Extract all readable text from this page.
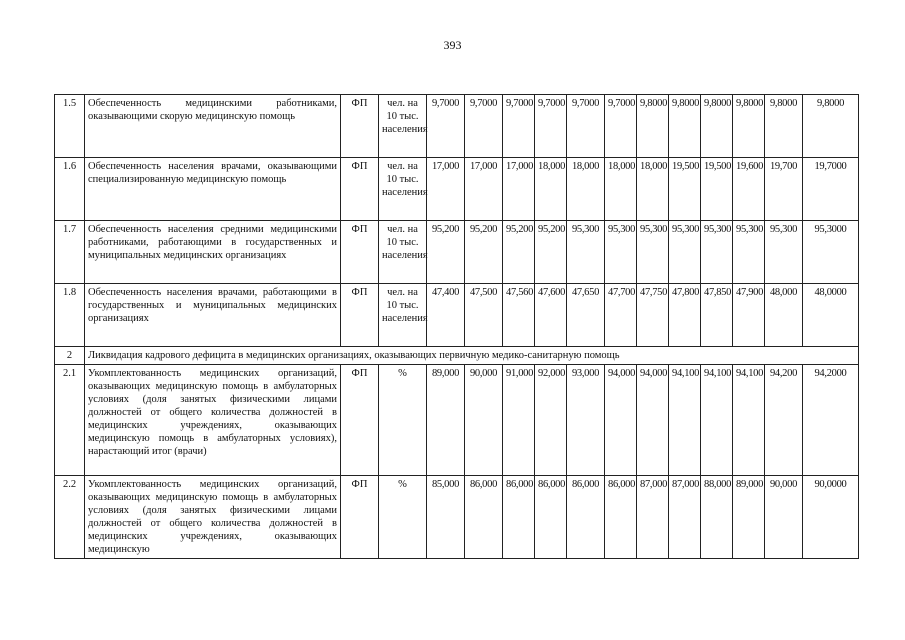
393
1.5	Обеспеченность медицинскими работниками, оказывающими скорую медицинскую помощь	ФП	чел. на 10 тыс. населения	9,7000	9,7000	9,7000	9,7000	9,7000	9,7000	9,8000	9,8000	9,8000	9,8000	9,8000	9,8000
1.6	Обеспеченность населения врачами, оказывающими специализированную медицинскую помощь	ФП	чел. на 10 тыс. населения	17,000	17,000	17,000	18,000	18,000	18,000	18,000	19,500	19,500	19,600	19,700	19,7000
1.7	Обеспеченность населения средними медицинскими работниками, работающими в государственных и муниципальных медицинских организациях	ФП	чел. на 10 тыс. населения	95,200	95,200	95,200	95,200	95,300	95,300	95,300	95,300	95,300	95,300	95,300	95,3000
1.8	Обеспеченность населения врачами, работающими в государственных и муниципальных медицинских организациях	ФП	чел. на 10 тыс. населения	47,400	47,500	47,560	47,600	47,650	47,700	47,750	47,800	47,850	47,900	48,000	48,0000
2	Ликвидация кадрового дефицита в медицинских организациях, оказывающих первичную медико-санитарную помощь														
2.1	Укомплектованность медицинских организаций, оказывающих медицинскую помощь в амбулаторных условиях (доля занятых физическими лицами должностей от общего количества должностей в медицинских учреждениях, оказывающих медицинскую помощь в амбулаторных условиях), нарастающий итог (врачи)	ФП	%	89,000	90,000	91,000	92,000	93,000	94,000	94,000	94,100	94,100	94,100	94,200	94,2000
2.2	Укомплектованность медицинских организаций, оказывающих медицинскую помощь в амбулаторных условиях (доля занятых физическими лицами должностей от общего количества должностей в медицинских учреждениях, оказывающих медицинскую	ФП	%	85,000	86,000	86,000	86,000	86,000	86,000	87,000	87,000	88,000	89,000	90,000	90,0000
